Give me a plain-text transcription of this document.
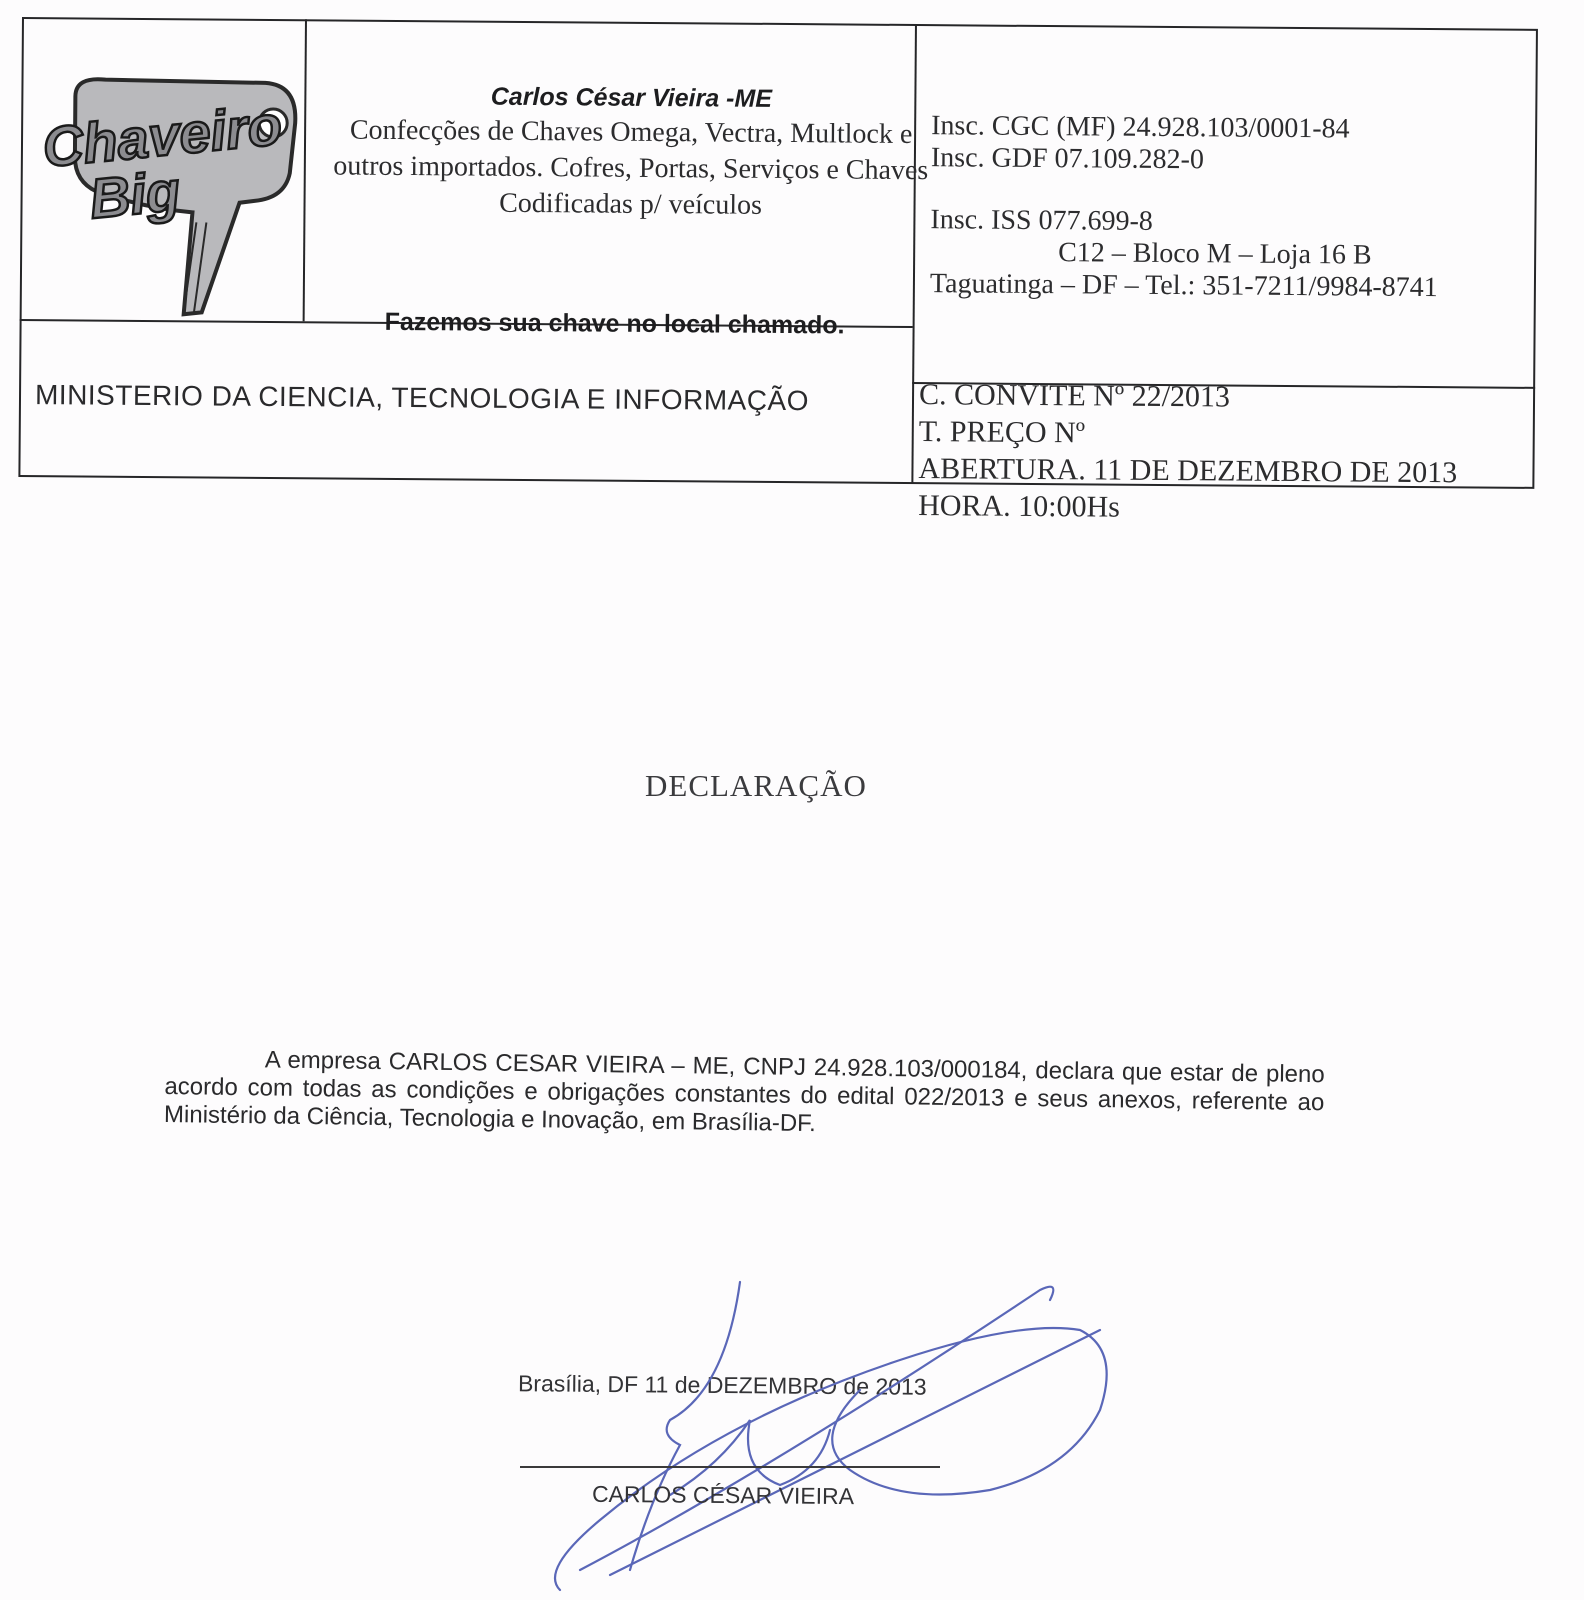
Chaveiro
Big
Carlos César Vieira -ME
Confecções de Chaves Omega, Vectra, Multlock e outros importados. Cofres, Portas, Serviços e Chaves Codificadas p/ veículos
Fazemos sua chave no local chamado.
Insc. CGC (MF) 24.928.103/0001-84
Insc. GDF 07.109.282-0
Insc. ISS 077.699-8
C12 – Bloco M – Loja 16 B
Taguatinga – DF – Tel.: 351-7211/9984-8741
MINISTERIO DA CIENCIA, TECNOLOGIA E INFORMAÇÃO	C. CONVITE Nº 22/2013
T. PREÇO Nº
ABERTURA. 11 DE DEZEMBRO DE 2013
HORA. 10:00Hs
DECLARAÇÃO
A empresa CARLOS CESAR VIEIRA – ME, CNPJ 24.928.103/000184, declara que estar de pleno acordo com todas as condições e obrigações constantes do edital 022/2013 e seus anexos, referente ao Ministério da Ciência, Tecnologia e Inovação, em Brasília-DF.
Brasília, DF 11 de DEZEMBRO de 2013
CARLOS CÉSAR VIEIRA
